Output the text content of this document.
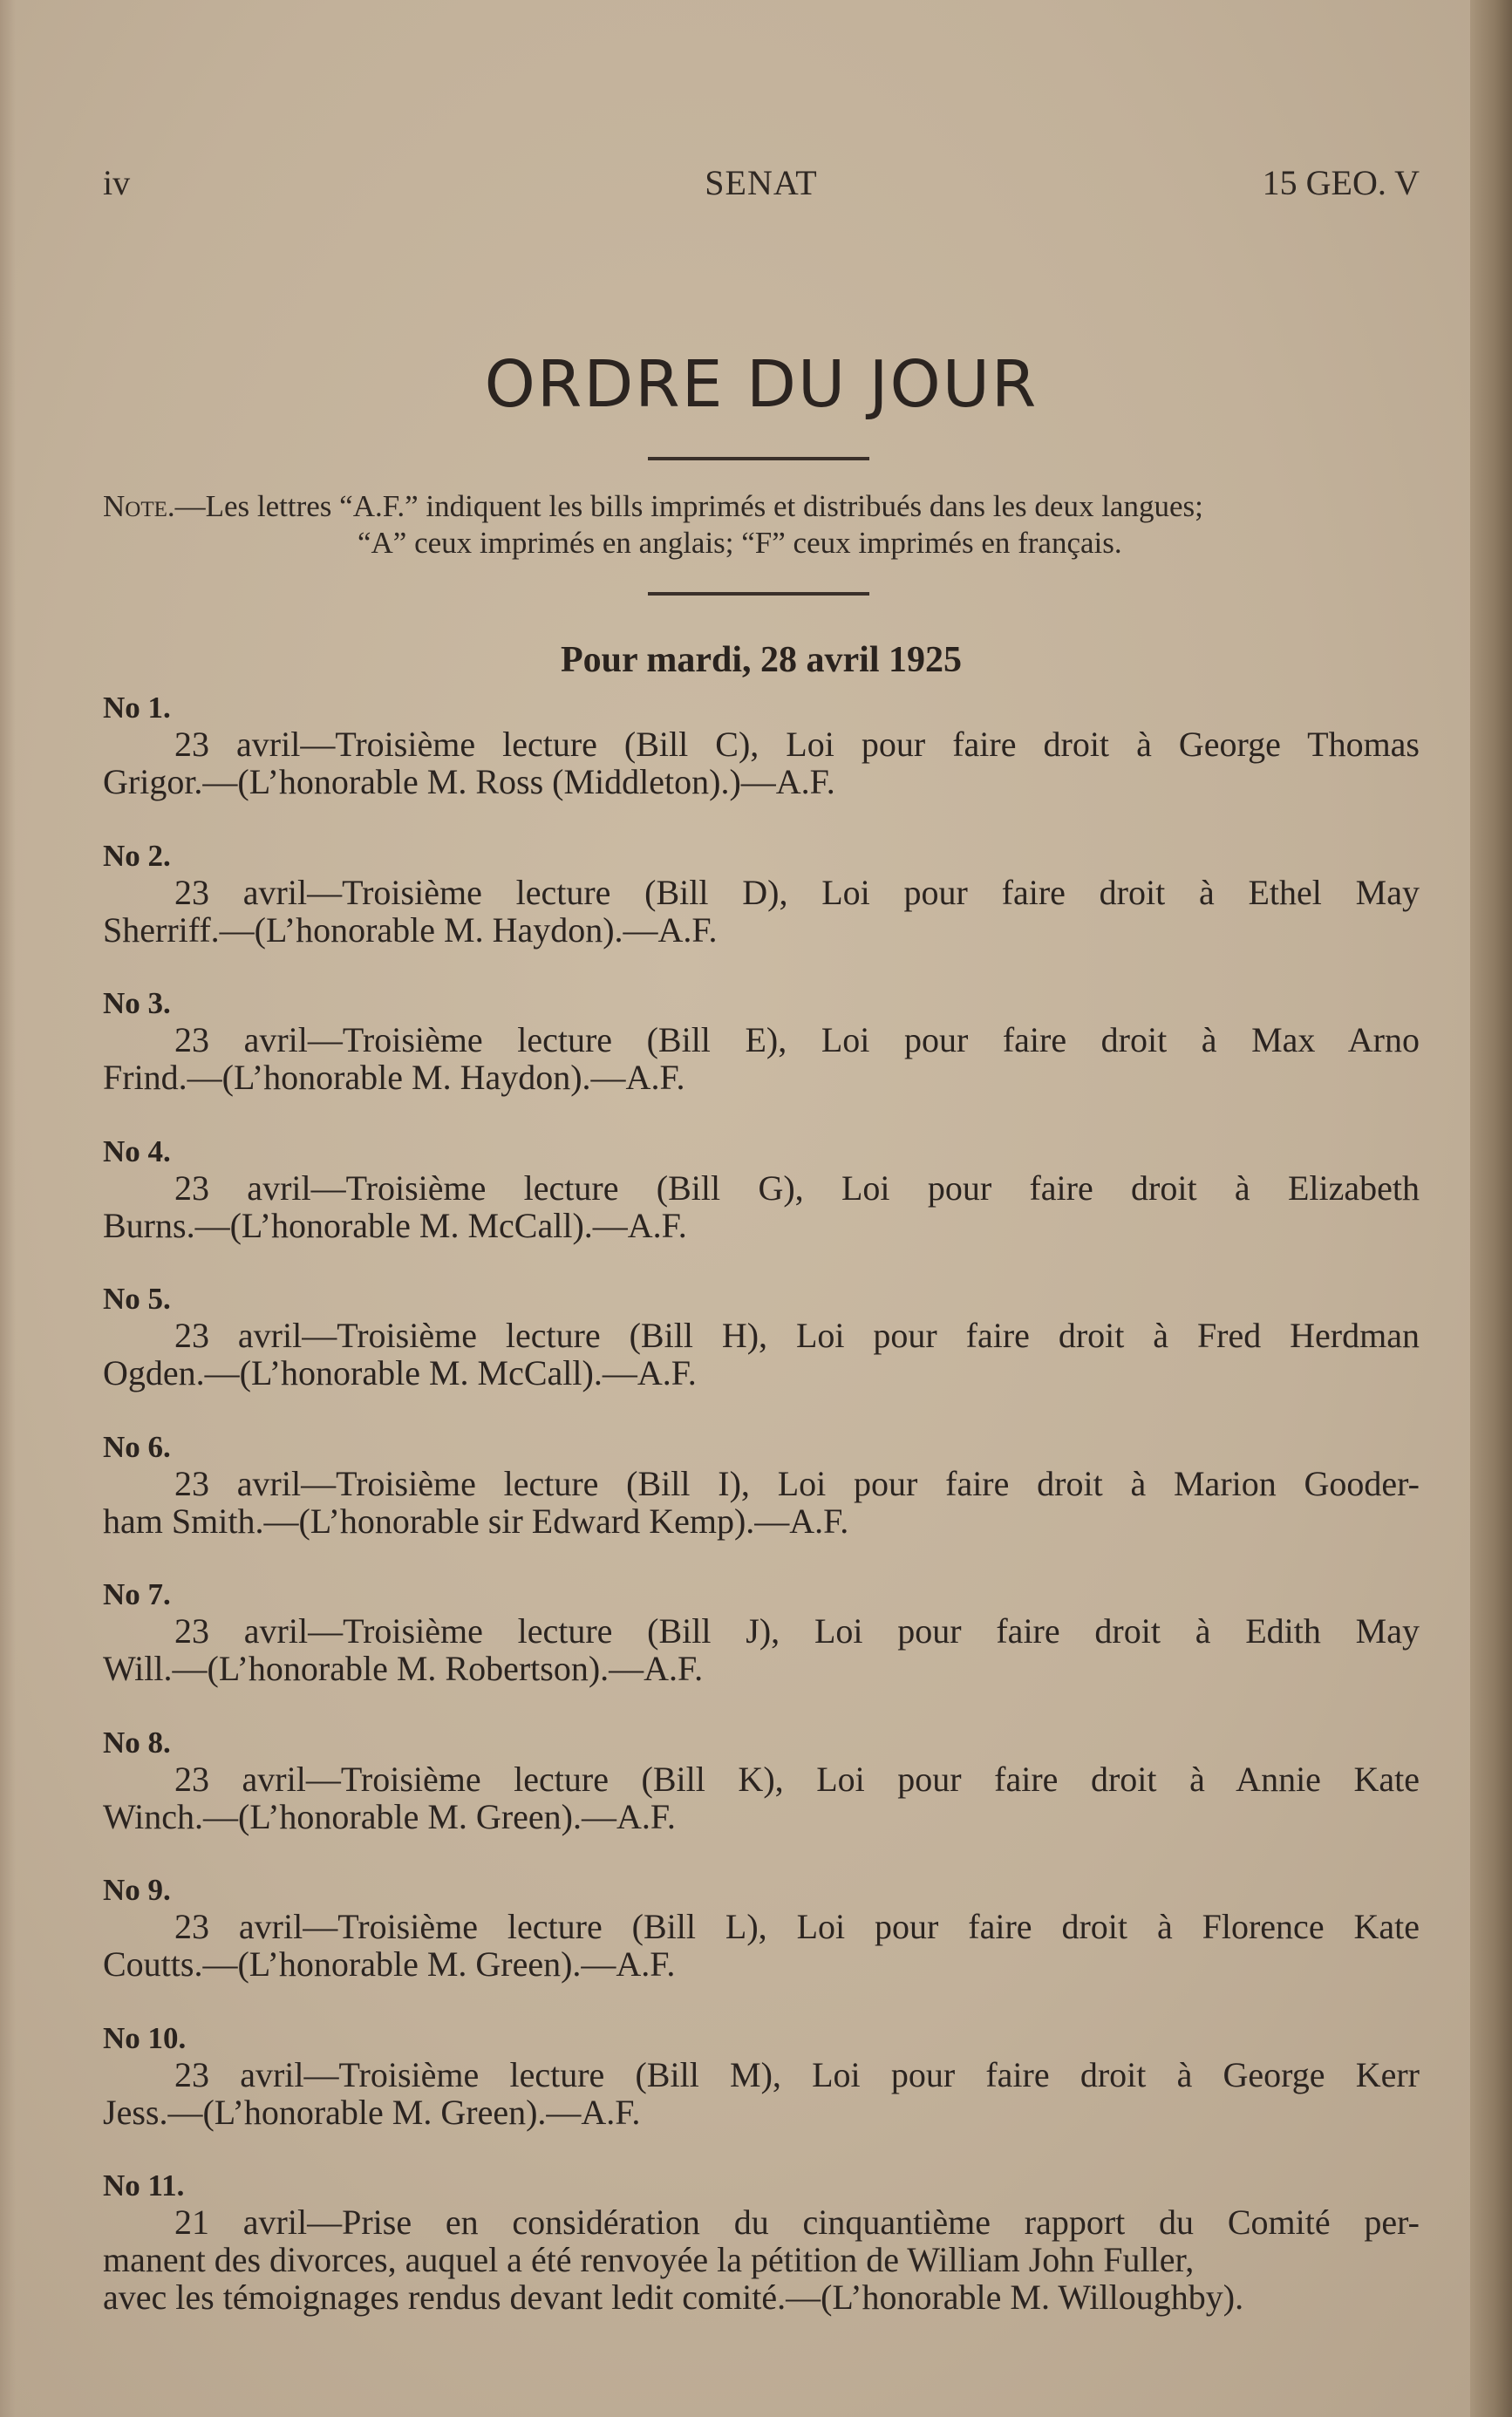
iv	SENAT	15 GEO. V
ORDRE DU JOUR
Note.—Les lettres “A.F.” indiquent les bills imprimés et distribués dans les deux langues;
“A” ceux imprimés en anglais; “F” ceux imprimés en français.
Pour mardi, 28 avril 1925
No 1.
23 avril—Troisième lecture (Bill C), Loi pour faire droit à George Thomas
Grigor.—(L’honorable M. Ross (Middleton).)—A.F.
No 2.
23 avril—Troisième lecture (Bill D), Loi pour faire droit à Ethel May
Sherriff.—(L’honorable M. Haydon).—A.F.
No 3.
23 avril—Troisième lecture (Bill E), Loi pour faire droit à Max Arno
Frind.—(L’honorable M. Haydon).—A.F.
No 4.
23 avril—Troisième lecture (Bill G), Loi pour faire droit à Elizabeth
Burns.—(L’honorable M. McCall).—A.F.
No 5.
23 avril—Troisième lecture (Bill H), Loi pour faire droit à Fred Herdman
Ogden.—(L’honorable M. McCall).—A.F.
No 6.
23 avril—Troisième lecture (Bill I), Loi pour faire droit à Marion Gooder-
ham Smith.—(L’honorable sir Edward Kemp).—A.F.
No 7.
23 avril—Troisième lecture (Bill J), Loi pour faire droit à Edith May
Will.—(L’honorable M. Robertson).—A.F.
No 8.
23 avril—Troisième lecture (Bill K), Loi pour faire droit à Annie Kate
Winch.—(L’honorable M. Green).—A.F.
No 9.
23 avril—Troisième lecture (Bill L), Loi pour faire droit à Florence Kate
Coutts.—(L’honorable M. Green).—A.F.
No 10.
23 avril—Troisième lecture (Bill M), Loi pour faire droit à George Kerr
Jess.—(L’honorable M. Green).—A.F.
No 11.
21 avril—Prise en considération du cinquantième rapport du Comité per-
manent des divorces, auquel a été renvoyée la pétition de William John Fuller,
avec les témoignages rendus devant ledit comité.—(L’honorable M. Willoughby).
